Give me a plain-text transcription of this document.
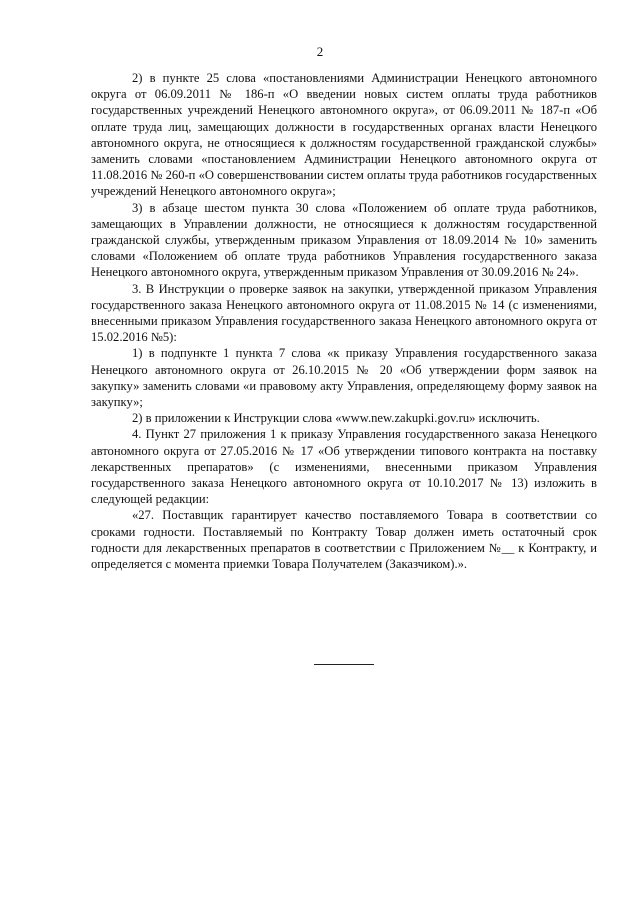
2

2) в пункте 25 слова «постановлениями Администрации Ненецкого автономного округа от 06.09.2011 № 186-п «О введении новых систем оплаты труда работников государственных учреждений Ненецкого автономного округа», от 06.09.2011 № 187-п «Об оплате труда лиц, замещающих должности в государственных органах власти Ненецкого автономного округа, не относящиеся к должностям государственной гражданской службы» заменить словами «постановлением Администрации Ненецкого автономного округа от 11.08.2016 № 260-п «О совершенствовании систем оплаты труда работников государственных учреждений Ненецкого автономного округа»;

3) в абзаце шестом пункта 30 слова «Положением об оплате труда работников, замещающих в Управлении должности, не относящиеся к должностям государственной гражданской службы, утвержденным приказом Управления от 18.09.2014 № 10» заменить словами «Положением об оплате труда работников Управления государственного заказа Ненецкого автономного округа, утвержденным приказом Управления от 30.09.2016 № 24».

3. В Инструкции о проверке заявок на закупки, утвержденной приказом Управления государственного заказа Ненецкого автономного округа от 11.08.2015 № 14 (с изменениями, внесенными приказом Управления государственного заказа Ненецкого автономного округа от 15.02.2016 №5):

1) в подпункте 1 пункта 7 слова «к приказу Управления государственного заказа Ненецкого автономного округа от 26.10.2015 № 20 «Об утверждении форм заявок на закупку» заменить словами «и правовому акту Управления, определяющему форму заявок на закупку»;

2) в приложении к Инструкции слова «www.new.zakupki.gov.ru» исключить.

4. Пункт 27 приложения 1 к приказу Управления государственного заказа Ненецкого автономного округа от 27.05.2016 № 17 «Об утверждении типового контракта на поставку лекарственных препаратов» (с изменениями, внесенными приказом Управления государственного заказа Ненецкого автономного округа от 10.10.2017 № 13) изложить в следующей редакции:

«27. Поставщик гарантирует качество поставляемого Товара в соответствии со сроками годности. Поставляемый по Контракту Товар должен иметь остаточный срок годности для лекарственных препаратов в соответствии с Приложением №__ к Контракту, и определяется с момента приемки Товара Получателем (Заказчиком).».
